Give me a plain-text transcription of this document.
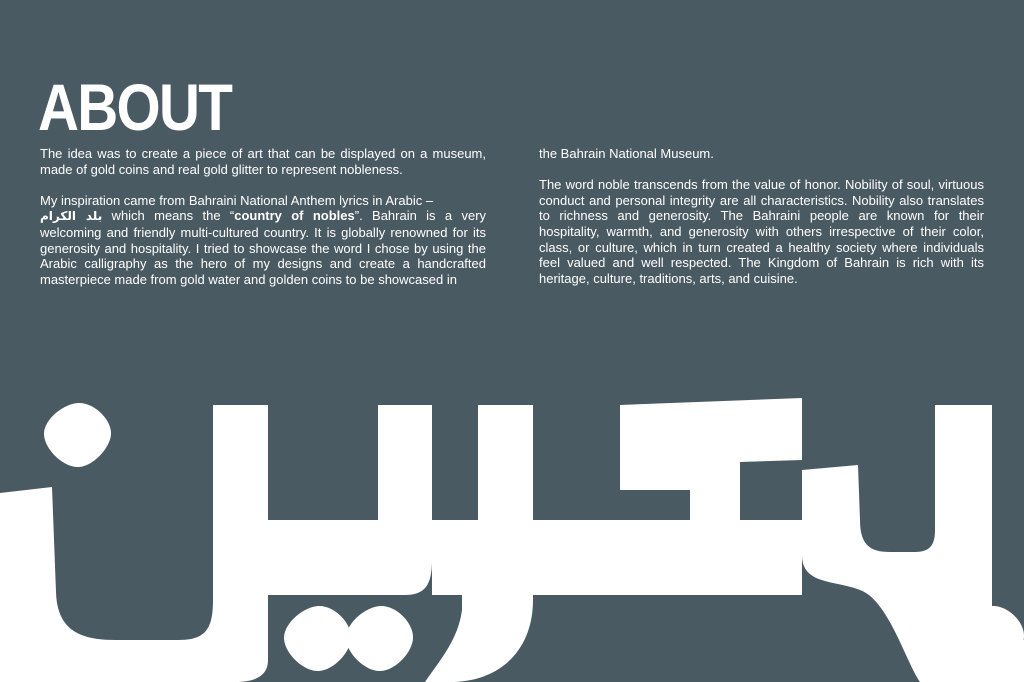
ABOUT

The idea was to create a piece of art that can be displayed on a museum, made of gold coins and real gold glitter to represent nobleness.

My inspiration came from Bahraini National Anthem lyrics in Arabic –
بلد الكرام which means the “country of nobles”. Bahrain is a very welcoming and friendly multi-cultured country. It is globally renowned for its generosity and hospitality. I tried to showcase the word I chose by using the Arabic calligraphy as the hero of my designs and create a handcrafted masterpiece made from gold water and golden coins to be showcased in

the Bahrain National Museum.

The word noble transcends from the value of honor. Nobility of soul, virtuous conduct and personal integrity are all characteristics. Nobility also translates to richness and generosity. The Bahraini people are known for their hospitality, warmth, and generosity with others irrespective of their color, class, or culture, which in turn created a healthy society where individuals feel valued and well respected. The Kingdom of Bahrain is rich with its heritage, culture, traditions, arts, and cuisine.
